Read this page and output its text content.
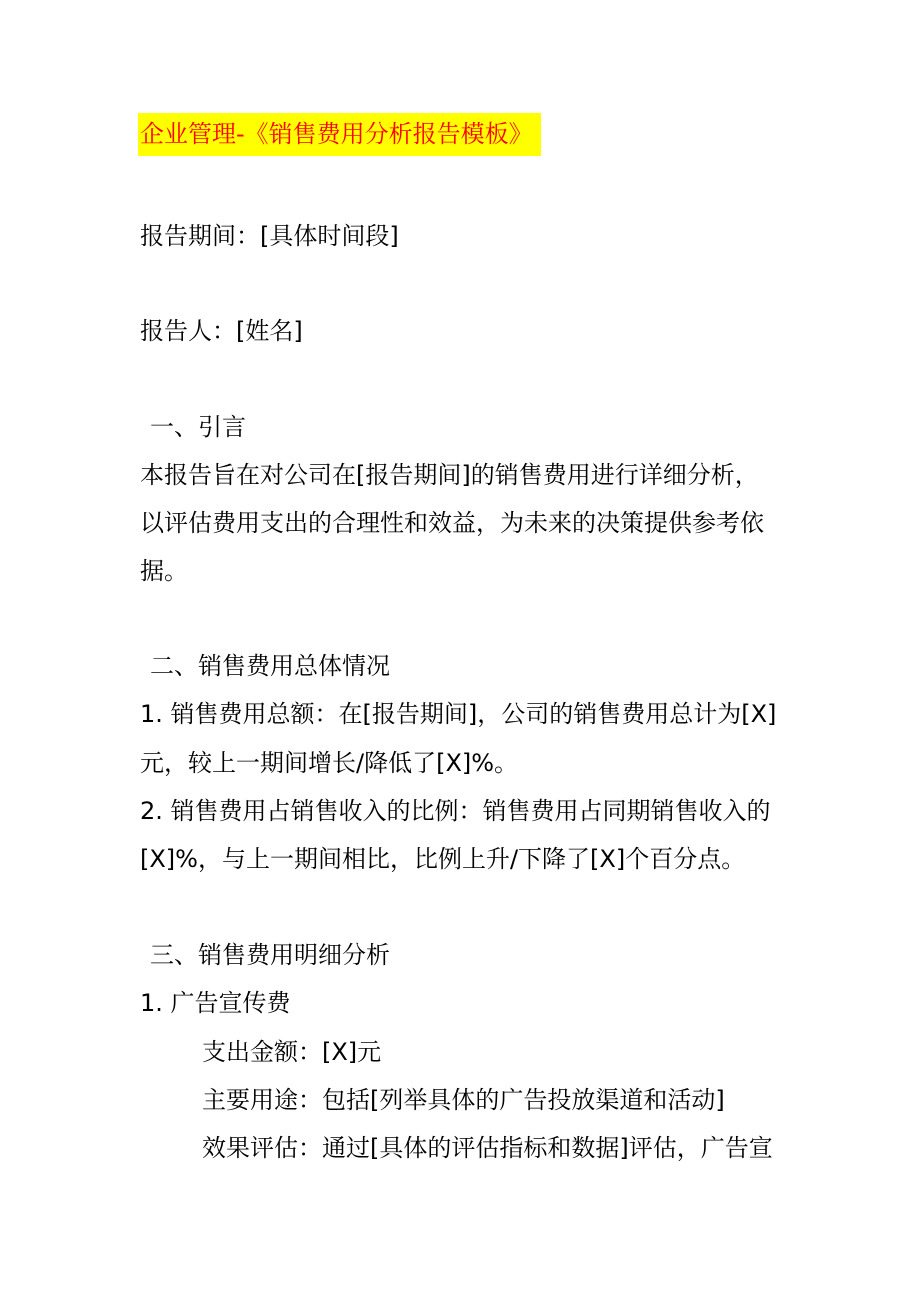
企业管理-《销售费用分析报告模板》
报告期间：[具体时间段]
报告人：[姓名]
一、引言
本报告旨在对公司在[报告期间]的销售费用进行详细分析，
以评估费用支出的合理性和效益，为未来的决策提供参考依
据。
二、销售费用总体情况
1. 销售费用总额：在[报告期间]，公司的销售费用总计为[X]
元，较上一期间增长/降低了[X]%。
2. 销售费用占销售收入的比例：销售费用占同期销售收入的
[X]%，与上一期间相比，比例上升/下降了[X]个百分点。
三、销售费用明细分析
1. 广告宣传费
支出金额：[X]元
主要用途：包括[列举具体的广告投放渠道和活动]
效果评估：通过[具体的评估指标和数据]评估，广告宣
